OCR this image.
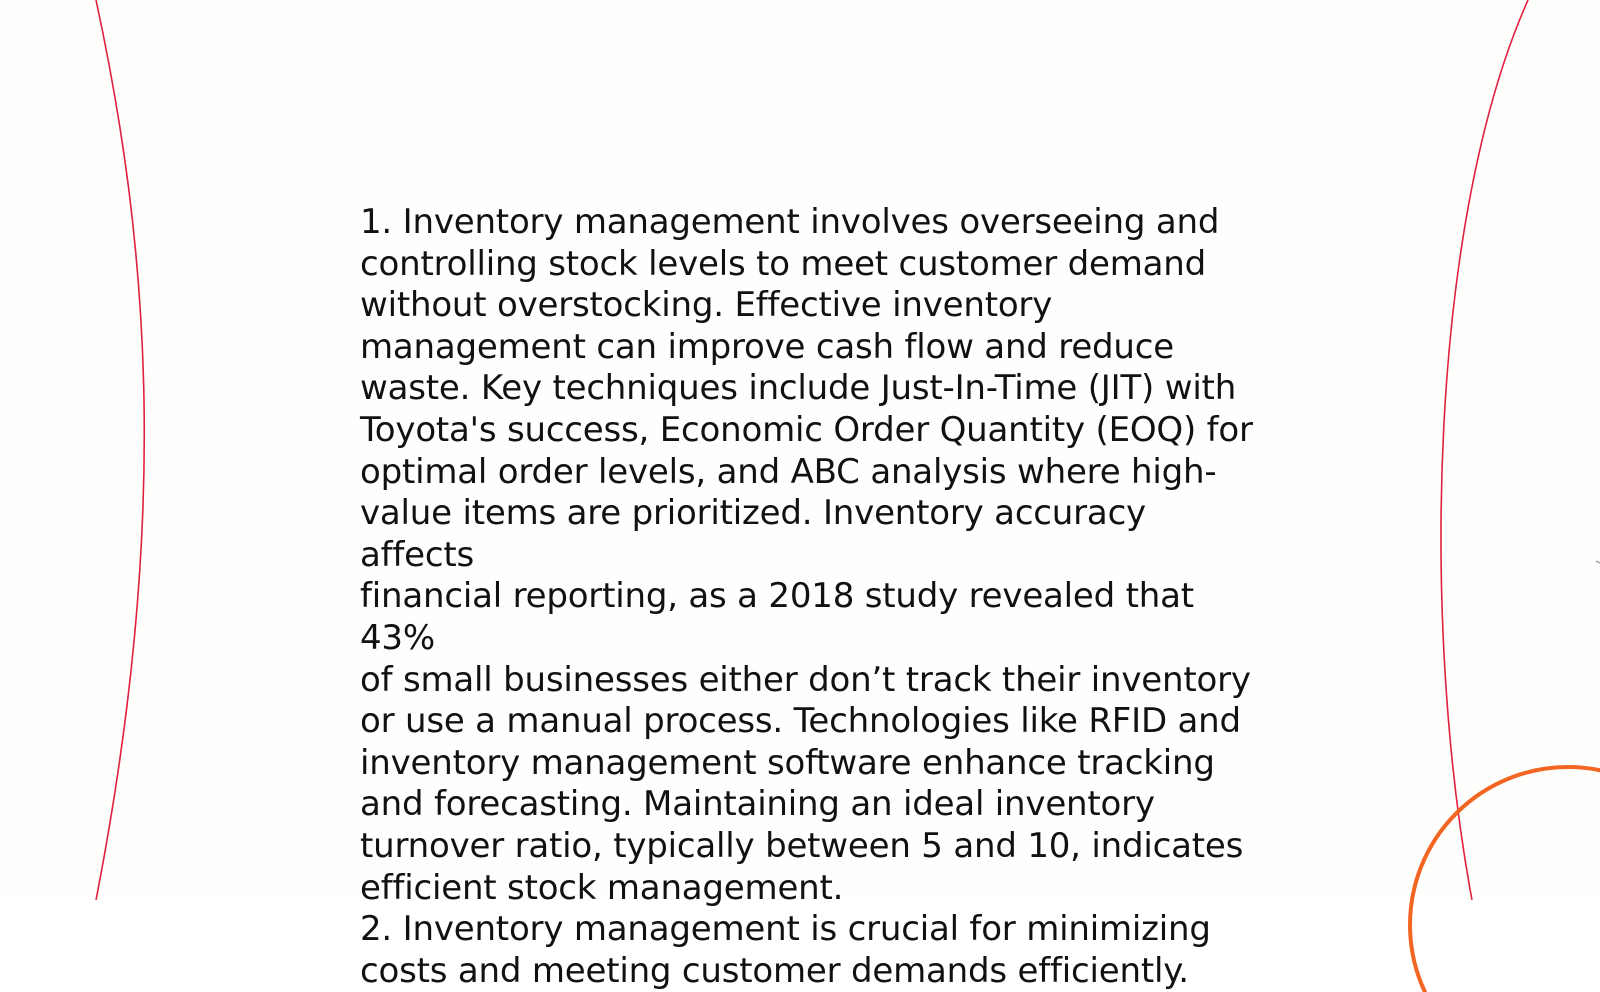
1. Inventory management involves overseeing and
controlling stock levels to meet customer demand
without overstocking. Effective inventory
management can improve cash flow and reduce
waste. Key techniques include Just-In-Time (JIT) with
Toyota's success, Economic Order Quantity (EOQ) for
optimal order levels, and ABC analysis where high-
value items are prioritized. Inventory accuracy affects
financial reporting, as a 2018 study revealed that 43%
of small businesses either don’t track their inventory
or use a manual process. Technologies like RFID and
inventory management software enhance tracking
and forecasting. Maintaining an ideal inventory
turnover ratio, typically between 5 and 10, indicates
efficient stock management.

2. Inventory management is crucial for minimizing
costs and meeting customer demands efficiently.
